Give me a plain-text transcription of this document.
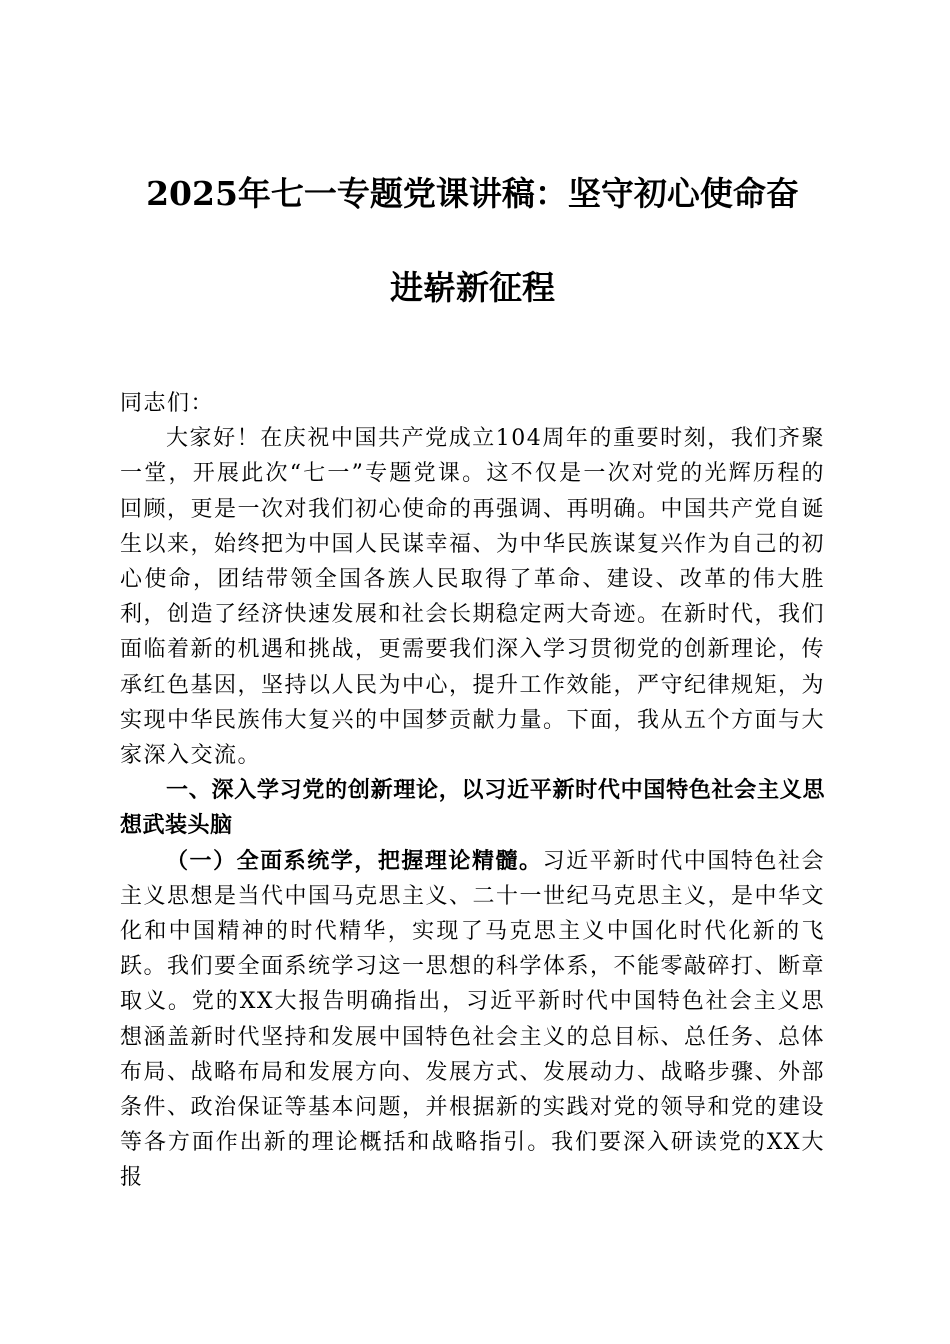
2025年七一专题党课讲稿：坚守初心使命奋
进崭新征程

同志们：

大家好！在庆祝中国共产党成立104周年的重要时刻，我们齐聚一堂，开展此次“七一”专题党课。这不仅是一次对党的光辉历程的回顾，更是一次对我们初心使命的再强调、再明确。中国共产党自诞生以来，始终把为中国人民谋幸福、为中华民族谋复兴作为自己的初心使命，团结带领全国各族人民取得了革命、建设、改革的伟大胜利，创造了经济快速发展和社会长期稳定两大奇迹。在新时代，我们面临着新的机遇和挑战，更需要我们深入学习贯彻党的创新理论，传承红色基因，坚持以人民为中心，提升工作效能，严守纪律规矩，为实现中华民族伟大复兴的中国梦贡献力量。下面，我从五个方面与大家深入交流。

一、深入学习党的创新理论，以习近平新时代中国特色社会主义思想武装头脑

（一）全面系统学，把握理论精髓。习近平新时代中国特色社会主义思想是当代中国马克思主义、二十一世纪马克思主义，是中华文化和中国精神的时代精华，实现了马克思主义中国化时代化新的飞跃。我们要全面系统学习这一思想的科学体系，不能零敲碎打、断章取义。党的XX大报告明确指出，习近平新时代中国特色社会主义思想涵盖新时代坚持和发展中国特色社会主义的总目标、总任务、总体布局、战略布局和发展方向、发展方式、发展动力、战略步骤、外部条件、政治保证等基本问题，并根据新的实践对党的领导和党的建设等各方面作出新的理论概括和战略指引。我们要深入研读党的XX大报
